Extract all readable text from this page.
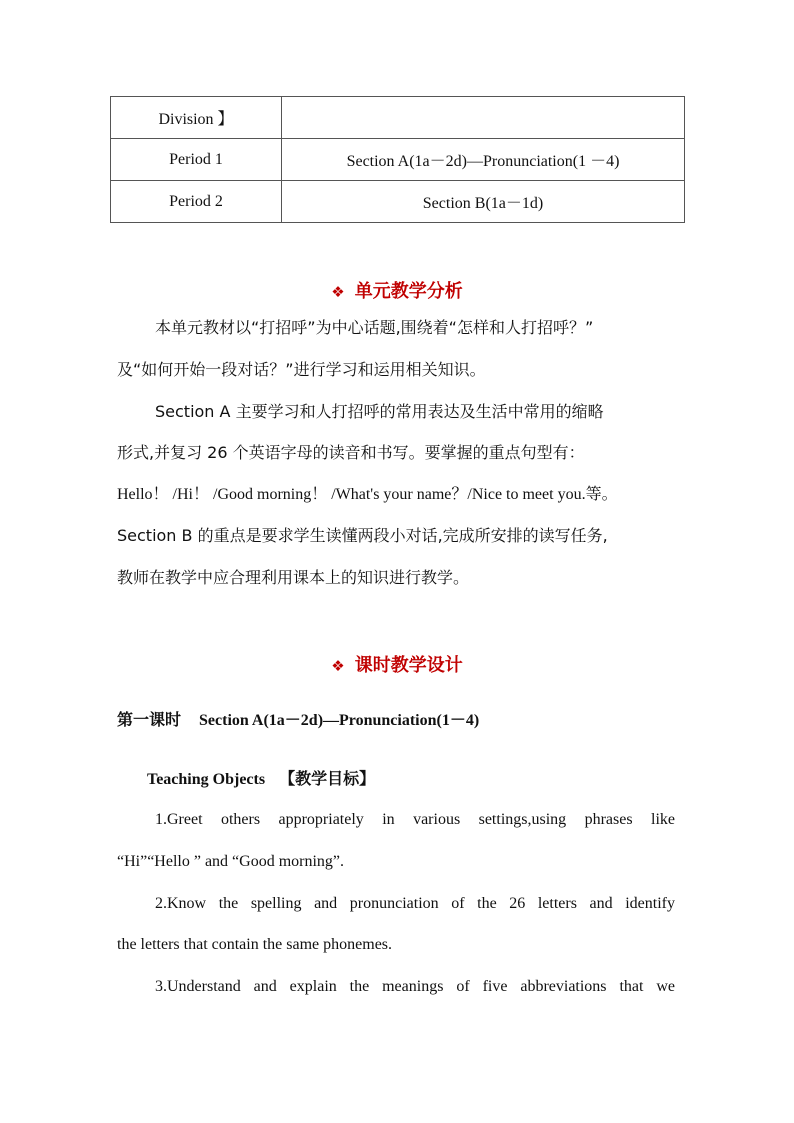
Division 】	
Period 1	Section A(1a－2d)—Pronunciation(1 －4)
Period 2	Section B(1a－1d)
❖ 单元教学分析
本单元教材以“打招呼”为中心话题,围绕着“怎样和人打招呼？”
及“如何开始一段对话？”进行学习和运用相关知识。
Section A 主要学习和人打招呼的常用表达及生活中常用的缩略
形式,并复习 26 个英语字母的读音和书写。要掌握的重点句型有：
Hello！ /Hi！ /Good morning！ /What's your name？/Nice to meet you.等。
Section B 的重点是要求学生读懂两段小对话,完成所安排的读写任务,
教师在教学中应合理利用课本上的知识进行教学。
❖ 课时教学设计
第一课时 Section A(1a－2d)—Pronunciation(1－4)
Teaching Objects 【教学目标】
1.Greet others appropriately in various settings,using phrases like
“Hi”“Hello ” and “Good morning”.
2.Know the spelling and pronunciation of the 26 letters and identify
the letters that contain the same phonemes.
3.Understand and explain the meanings of five abbreviations that we
